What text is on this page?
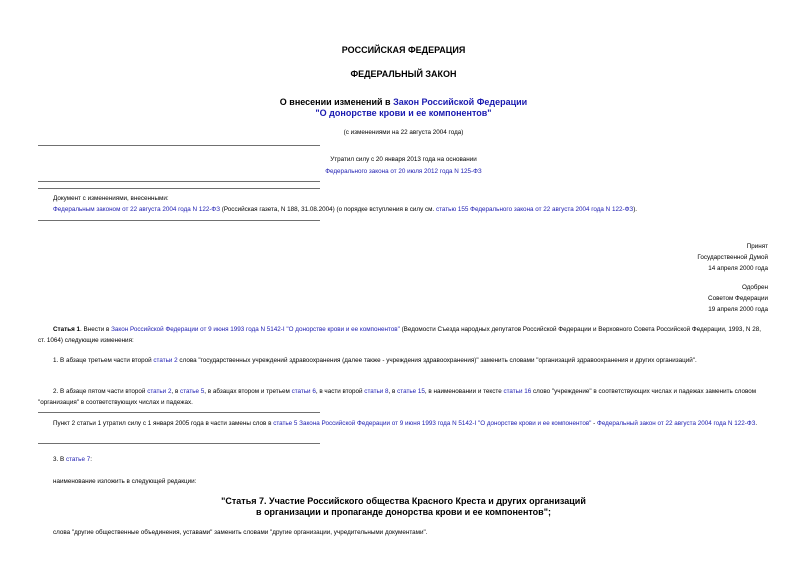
РОССИЙСКАЯ ФЕДЕРАЦИЯ
ФЕДЕРАЛЬНЫЙ ЗАКОН
О внесении изменений в Закон Российской Федерации
"О донорстве крови и ее компонентов"
(с изменениями на 22 августа 2004 года)
Утратил силу с 20 января 2013 года на основании
Федерального закона от 20 июля 2012 года N 125-ФЗ
Документ с изменениями, внесенными:
Федеральным законом от 22 августа 2004 года N 122-ФЗ (Российская газета, N 188, 31.08.2004) (о порядке вступления в силу см. статью 155 Федерального закона от 22 августа 2004 года N 122-ФЗ).
Принят
Государственной Думой
14 апреля 2000 года
Одобрен
Советом Федерации
19 апреля 2000 года
Статья 1. Внести в Закон Российской Федерации от 9 июня 1993 года N 5142-I "О донорстве крови и ее компонентов" (Ведомости Съезда народных депутатов Российской Федерации и Верховного Совета Российской Федерации, 1993, N 28, ст. 1064) следующие изменения:
1. В абзаце третьем части второй статьи 2 слова "государственных учреждений здравоохранения (далее также - учреждения здравоохранения)" заменить словами "организаций здравоохранения и других организаций".
2. В абзаце пятом части второй статьи 2, в статье 5, в абзацах втором и третьем статьи 6, в части второй статьи 8, в статье 15, в наименовании и тексте статьи 16 слово "учреждение" в соответствующих числах и падежах заменить словом "организация" в соответствующих числах и падежах.
Пункт 2 статьи 1 утратил силу с 1 января 2005 года в части замены слов в статье 5 Закона Российской Федерации от 9 июня 1993 года N 5142-I "О донорстве крови и ее компонентов" - Федеральный закон от 22 августа 2004 года N 122-ФЗ.
3. В статье 7:
наименование изложить в следующей редакции:
"Статья 7. Участие Российского общества Красного Креста и других организаций
в организации и пропаганде донорства крови и ее компонентов";
слова "другие общественные объединения, уставами" заменить словами "другие организации, учредительными документами".
